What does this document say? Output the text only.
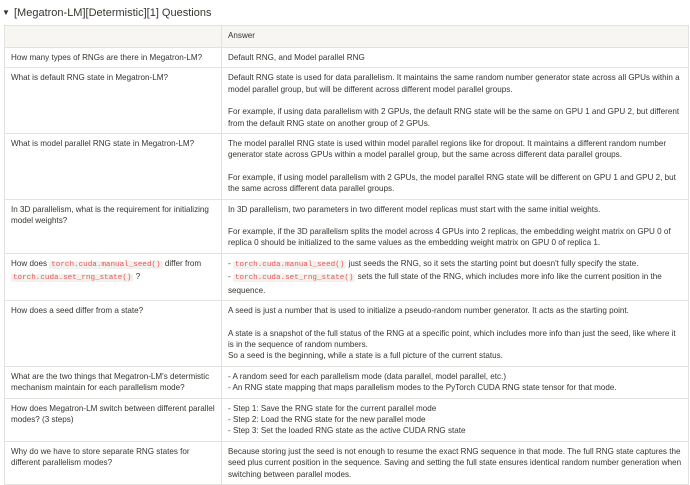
▼ [Megatron-LM][Determistic][1] Questions
	Answer
How many types of RNGs are there in Megatron-LM?	Default RNG, and Model parallel RNG
What is default RNG state in Megatron-LM?	Default RNG state is used for data parallelism. It maintains the same random number generator state across all GPUs within a model parallel group, but will be different across different model parallel groups.
For example, if using data parallelism with 2 GPUs, the default RNG state will be the same on GPU 1 and GPU 2, but different from the default RNG state on another group of 2 GPUs.

What is model parallel RNG state in Megatron-LM?	The model parallel RNG state is used within model parallel regions like for dropout. It maintains a different random number generator state across GPUs within a model parallel group, but the same across different data parallel groups.
For example, if using model parallelism with 2 GPUs, the model parallel RNG state will be different on GPU 1 and GPU 2, but the same across different data parallel groups.

In 3D parallelism, what is the requirement for initializing model weights?	In 3D parallelism, two parameters in two different model replicas must start with the same initial weights.
For example, if the 3D parallelism splits the model across 4 GPUs into 2 replicas, the embedding weight matrix on GPU 0 of replica 0 should be initialized to the same values as the embedding weight matrix on GPU 0 of replica 1.

How does torch.cuda.manual_seed() differ from torch.cuda.set_rng_state() ?	- torch.cuda.manual_seed() just seeds the RNG, so it sets the starting point but doesn't fully specify the state.
- torch.cuda.set_rng_state() sets the full state of the RNG, which includes more info like the current position in the sequence.

How does a seed differ from a state?	A seed is just a number that is used to initialize a pseudo-random number generator. It acts as the starting point.
A state is a snapshot of the full status of the RNG at a specific point, which includes more info than just the seed, like where it is in the sequence of random numbers.
So a seed is the beginning, while a state is a full picture of the current status.

What are the two things that Megatron-LM's determistic mechanism maintain for each parallelism mode?	- A random seed for each parallelism mode (data parallel, model parallel, etc.)
- An RNG state mapping that maps parallelism modes to the PyTorch CUDA RNG state tensor for that mode.

How does Megatron-LM switch between different parallel modes? (3 steps)	- Step 1: Save the RNG state for the current parallel mode
- Step 2: Load the RNG state for the new parallel mode
- Step 3: Set the loaded RNG state as the active CUDA RNG state

Why do we have to store separate RNG states for different parallelism modes?	Because storing just the seed is not enough to resume the exact RNG sequence in that mode. The full RNG state captures the seed plus current position in the sequence. Saving and setting the full state ensures identical random number generation when switching between parallel modes.
